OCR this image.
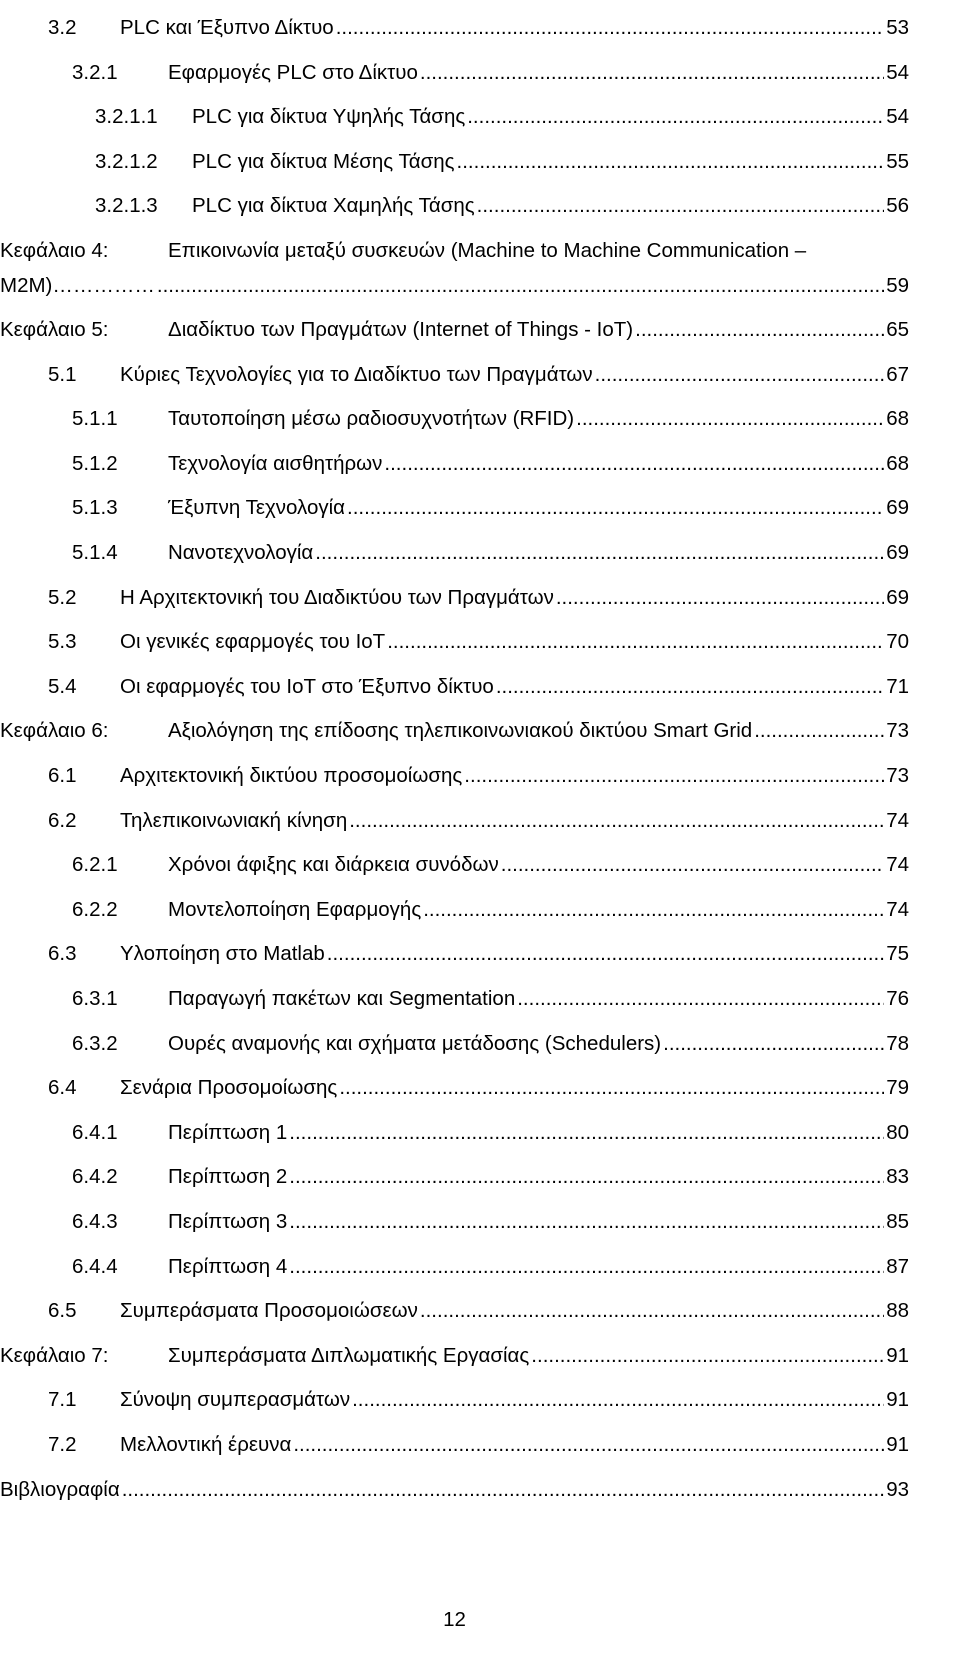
3.2 PLC και Έξυπνο Δίκτυο .....	53
3.2.1 Εφαρμογές PLC στο Δίκτυο .....	54
3.2.1.1 PLC για δίκτυα Υψηλής Τάσης .....	54
3.2.1.2 PLC για δίκτυα Μέσης Τάσης .....	55
3.2.1.3 PLC για δίκτυα Χαμηλής Τάσης .....	56
Κεφάλαιο 4:	Επικοινωνία μεταξύ συσκευών (Machine to Machine Communication –
M2M)…………… .....	59
Κεφάλαιο 5:	Διαδίκτυο των Πραγμάτων (Internet of Things - IoT) .....	65
5.1 Κύριες Τεχνολογίες για το Διαδίκτυο των Πραγμάτων .....	67
5.1.1 Ταυτοποίηση μέσω ραδιοσυχνοτήτων (RFID) .....	68
5.1.2 Τεχνολογία αισθητήρων .....	68
5.1.3 Έξυπνη Τεχνολογία .....	69
5.1.4 Νανοτεχνολογία .....	69
5.2 Η Αρχιτεκτονική του Διαδικτύου των Πραγμάτων .....	69
5.3 Οι γενικές εφαρμογές του IoT .....	70
5.4 Οι εφαρμογές του IoT στο Έξυπνο δίκτυο .....	71
Κεφάλαιο 6:	Αξιολόγηση της επίδοσης τηλεπικοινωνιακού δικτύου Smart Grid .....	73
6.1 Αρχιτεκτονική δικτύου προσομοίωσης .....	73
6.2 Τηλεπικοινωνιακή κίνηση .....	74
6.2.1 Χρόνοι άφιξης και διάρκεια συνόδων .....	74
6.2.2 Μοντελοποίηση Εφαρμογής .....	74
6.3 Υλοποίηση στο Matlab .....	75
6.3.1 Παραγωγή πακέτων και Segmentation .....	76
6.3.2 Ουρές αναμονής και σχήματα μετάδοσης (Schedulers) .....	78
6.4 Σενάρια Προσομοίωσης .....	79
6.4.1 Περίπτωση 1 .....	80
6.4.2 Περίπτωση 2 .....	83
6.4.3 Περίπτωση 3 .....	85
6.4.4 Περίπτωση 4 .....	87
6.5 Συμπεράσματα Προσομοιώσεων .....	88
Κεφάλαιο 7:	Συμπεράσματα Διπλωματικής Εργασίας .....	91
7.1 Σύνοψη συμπερασμάτων .....	91
7.2 Μελλοντική έρευνα .....	91
Βιβλιογραφία .....	93
12
